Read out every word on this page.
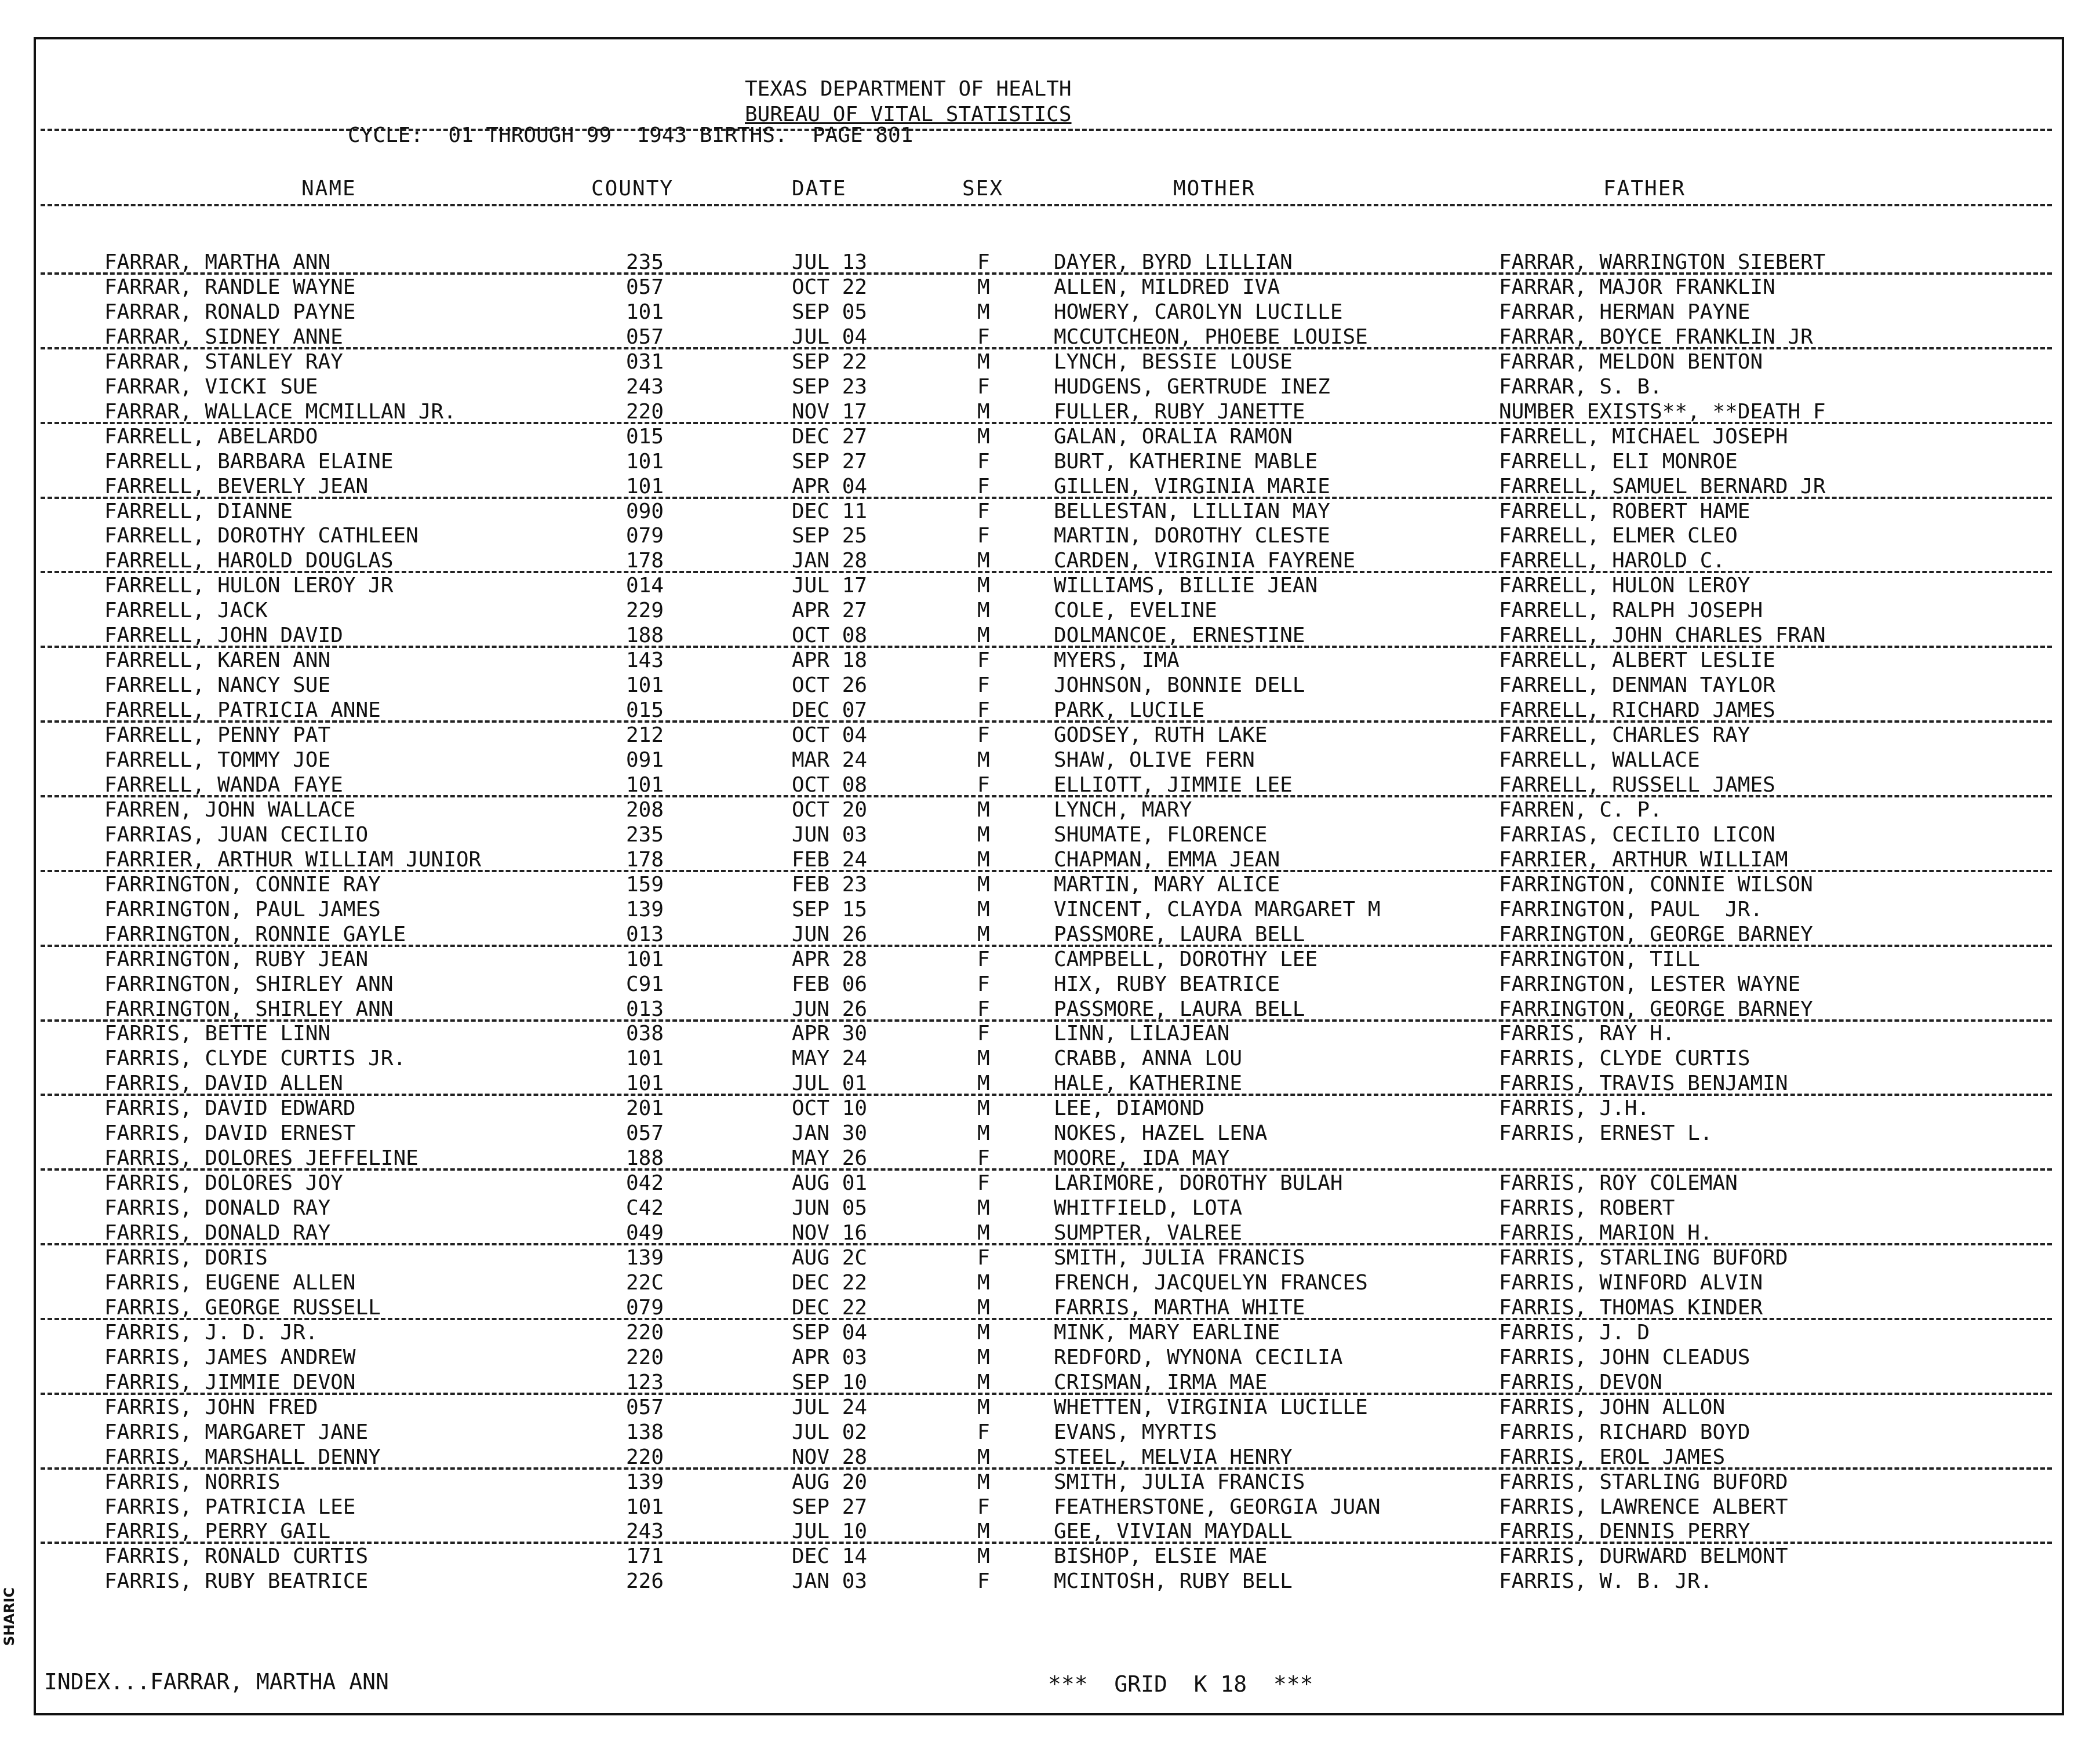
TEXAS DEPARTMENT OF HEALTH
BUREAU OF VITAL STATISTICS
CYCLE:  01 THROUGH 99  1943 BIRTHS.  PAGE 801
NAME	COUNTY	DATE	SEX	MOTHER	FATHER
FARRAR, MARTHA ANN	235	JUL 13	F	DAYER, BYRD LILLIAN	FARRAR, WARRINGTON SIEBERT
FARRAR, RANDLE WAYNE	057	OCT 22	M	ALLEN, MILDRED IVA	FARRAR, MAJOR FRANKLIN
FARRAR, RONALD PAYNE	101	SEP 05	M	HOWERY, CAROLYN LUCILLE	FARRAR, HERMAN PAYNE
FARRAR, SIDNEY ANNE	057	JUL 04	F	MCCUTCHEON, PHOEBE LOUISE	FARRAR, BOYCE FRANKLIN JR
FARRAR, STANLEY RAY	031	SEP 22	M	LYNCH, BESSIE LOUSE	FARRAR, MELDON BENTON
FARRAR, VICKI SUE	243	SEP 23	F	HUDGENS, GERTRUDE INEZ	FARRAR, S. B.
FARRAR, WALLACE MCMILLAN JR.	220	NOV 17	M	FULLER, RUBY JANETTE	NUMBER EXISTS**, **DEATH F
FARRELL, ABELARDO	015	DEC 27	M	GALAN, ORALIA RAMON	FARRELL, MICHAEL JOSEPH
FARRELL, BARBARA ELAINE	101	SEP 27	F	BURT, KATHERINE MABLE	FARRELL, ELI MONROE
FARRELL, BEVERLY JEAN	101	APR 04	F	GILLEN, VIRGINIA MARIE	FARRELL, SAMUEL BERNARD JR
FARRELL, DIANNE	090	DEC 11	F	BELLESTAN, LILLIAN MAY	FARRELL, ROBERT HAME
FARRELL, DOROTHY CATHLEEN	079	SEP 25	F	MARTIN, DOROTHY CLESTE	FARRELL, ELMER CLEO
FARRELL, HAROLD DOUGLAS	178	JAN 28	M	CARDEN, VIRGINIA FAYRENE	FARRELL, HAROLD C.
FARRELL, HULON LEROY JR	014	JUL 17	M	WILLIAMS, BILLIE JEAN	FARRELL, HULON LEROY
FARRELL, JACK	229	APR 27	M	COLE, EVELINE	FARRELL, RALPH JOSEPH
FARRELL, JOHN DAVID	188	OCT 08	M	DOLMANCOE, ERNESTINE	FARRELL, JOHN CHARLES FRAN
FARRELL, KAREN ANN	143	APR 18	F	MYERS, IMA	FARRELL, ALBERT LESLIE
FARRELL, NANCY SUE	101	OCT 26	F	JOHNSON, BONNIE DELL	FARRELL, DENMAN TAYLOR
FARRELL, PATRICIA ANNE	015	DEC 07	F	PARK, LUCILE	FARRELL, RICHARD JAMES
FARRELL, PENNY PAT	212	OCT 04	F	GODSEY, RUTH LAKE	FARRELL, CHARLES RAY
FARRELL, TOMMY JOE	091	MAR 24	M	SHAW, OLIVE FERN	FARRELL, WALLACE
FARRELL, WANDA FAYE	101	OCT 08	F	ELLIOTT, JIMMIE LEE	FARRELL, RUSSELL JAMES
FARREN, JOHN WALLACE	208	OCT 20	M	LYNCH, MARY	FARREN, C. P.
FARRIAS, JUAN CECILIO	235	JUN 03	M	SHUMATE, FLORENCE	FARRIAS, CECILIO LICON
FARRIER, ARTHUR WILLIAM JUNIOR	178	FEB 24	M	CHAPMAN, EMMA JEAN	FARRIER, ARTHUR WILLIAM
FARRINGTON, CONNIE RAY	159	FEB 23	M	MARTIN, MARY ALICE	FARRINGTON, CONNIE WILSON
FARRINGTON, PAUL JAMES	139	SEP 15	M	VINCENT, CLAYDA MARGARET M	FARRINGTON, PAUL  JR.
FARRINGTON, RONNIE GAYLE	013	JUN 26	M	PASSMORE, LAURA BELL	FARRINGTON, GEORGE BARNEY
FARRINGTON, RUBY JEAN	101	APR 28	F	CAMPBELL, DOROTHY LEE	FARRINGTON, TILL
FARRINGTON, SHIRLEY ANN	C91	FEB 06	F	HIX, RUBY BEATRICE	FARRINGTON, LESTER WAYNE
FARRINGTON, SHIRLEY ANN	013	JUN 26	F	PASSMORE, LAURA BELL	FARRINGTON, GEORGE BARNEY
FARRIS, BETTE LINN	038	APR 30	F	LINN, LILAJEAN	FARRIS, RAY H.
FARRIS, CLYDE CURTIS JR.	101	MAY 24	M	CRABB, ANNA LOU	FARRIS, CLYDE CURTIS
FARRIS, DAVID ALLEN	101	JUL 01	M	HALE, KATHERINE	FARRIS, TRAVIS BENJAMIN
FARRIS, DAVID EDWARD	201	OCT 10	M	LEE, DIAMOND	FARRIS, J.H.
FARRIS, DAVID ERNEST	057	JAN 30	M	NOKES, HAZEL LENA	FARRIS, ERNEST L.
FARRIS, DOLORES JEFFELINE	188	MAY 26	F	MOORE, IDA MAY
FARRIS, DOLORES JOY	042	AUG 01	F	LARIMORE, DOROTHY BULAH	FARRIS, ROY COLEMAN
FARRIS, DONALD RAY	C42	JUN 05	M	WHITFIELD, LOTA	FARRIS, ROBERT
FARRIS, DONALD RAY	049	NOV 16	M	SUMPTER, VALREE	FARRIS, MARION H.
FARRIS, DORIS	139	AUG 2C	F	SMITH, JULIA FRANCIS	FARRIS, STARLING BUFORD
FARRIS, EUGENE ALLEN	22C	DEC 22	M	FRENCH, JACQUELYN FRANCES	FARRIS, WINFORD ALVIN
FARRIS, GEORGE RUSSELL	079	DEC 22	M	FARRIS, MARTHA WHITE	FARRIS, THOMAS KINDER
FARRIS, J. D. JR.	220	SEP 04	M	MINK, MARY EARLINE	FARRIS, J. D
FARRIS, JAMES ANDREW	220	APR 03	M	REDFORD, WYNONA CECILIA	FARRIS, JOHN CLEADUS
FARRIS, JIMMIE DEVON	123	SEP 10	M	CRISMAN, IRMA MAE	FARRIS, DEVON
FARRIS, JOHN FRED	057	JUL 24	M	WHETTEN, VIRGINIA LUCILLE	FARRIS, JOHN ALLON
FARRIS, MARGARET JANE	138	JUL 02	F	EVANS, MYRTIS	FARRIS, RICHARD BOYD
FARRIS, MARSHALL DENNY	220	NOV 28	M	STEEL, MELVIA HENRY	FARRIS, EROL JAMES
FARRIS, NORRIS	139	AUG 20	M	SMITH, JULIA FRANCIS	FARRIS, STARLING BUFORD
FARRIS, PATRICIA LEE	101	SEP 27	F	FEATHERSTONE, GEORGIA JUAN	FARRIS, LAWRENCE ALBERT
FARRIS, PERRY GAIL	243	JUL 10	M	GEE, VIVIAN MAYDALL	FARRIS, DENNIS PERRY
FARRIS, RONALD CURTIS	171	DEC 14	M	BISHOP, ELSIE MAE	FARRIS, DURWARD BELMONT
FARRIS, RUBY BEATRICE	226	JAN 03	F	MCINTOSH, RUBY BELL	FARRIS, W. B. JR.
INDEX...FARRAR, MARTHA ANN	***  GRID  K 18  ***
SHARIC
